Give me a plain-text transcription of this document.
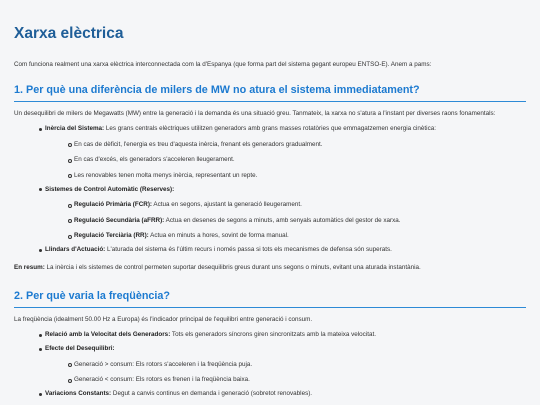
Xarxa elèctrica

Com funciona realment una xarxa elèctrica interconnectada com la d'Espanya (que forma part del sistema gegant europeu ENTSO-E). Anem a pams:

1. Per què una diferència de milers de MW no atura el sistema immediatament?

Un desequilibri de milers de Megawatts (MW) entre la generació i la demanda és una situació greu. Tanmateix, la xarxa no s'atura a l'instant per diverses raons fonamentals:

Inèrcia del Sistema: Les grans centrals elèctriques utilitzen generadors amb grans masses rotatòries que emmagatzemen energia cinètica:
En cas de dèficit, l'energia es treu d'aquesta inèrcia, frenant els generadors gradualment.
En cas d'excés, els generadors s'acceleren lleugerament.
Les renovables tenen molta menys inèrcia, representant un repte.
Sistemes de Control Automàtic (Reserves):
Regulació Primària (FCR): Actua en segons, ajustant la generació lleugerament.
Regulació Secundària (aFRR): Actua en desenes de segons a minuts, amb senyals automàtics del gestor de xarxa.
Regulació Terciària (RR): Actua en minuts a hores, sovint de forma manual.
Llindars d'Actuació: L'aturada del sistema és l'últim recurs i només passa si tots els mecanismes de defensa són superats.

En resum: La inèrcia i els sistemes de control permeten suportar desequilibris greus durant uns segons o minuts, evitant una aturada instantània.

2. Per què varia la freqüència?

La freqüència (idealment 50.00 Hz a Europa) és l'indicador principal de l'equilibri entre generació i consum.

Relació amb la Velocitat dels Generadors: Tots els generadors síncrons giren sincronitzats amb la mateixa velocitat.
Efecte del Desequilibri:
Generació > consum: Els rotors s'acceleren i la freqüència puja.
Generació < consum: Els rotors es frenen i la freqüència baixa.
Variacions Constants: Degut a canvis continus en demanda i generació (sobretot renovables).
